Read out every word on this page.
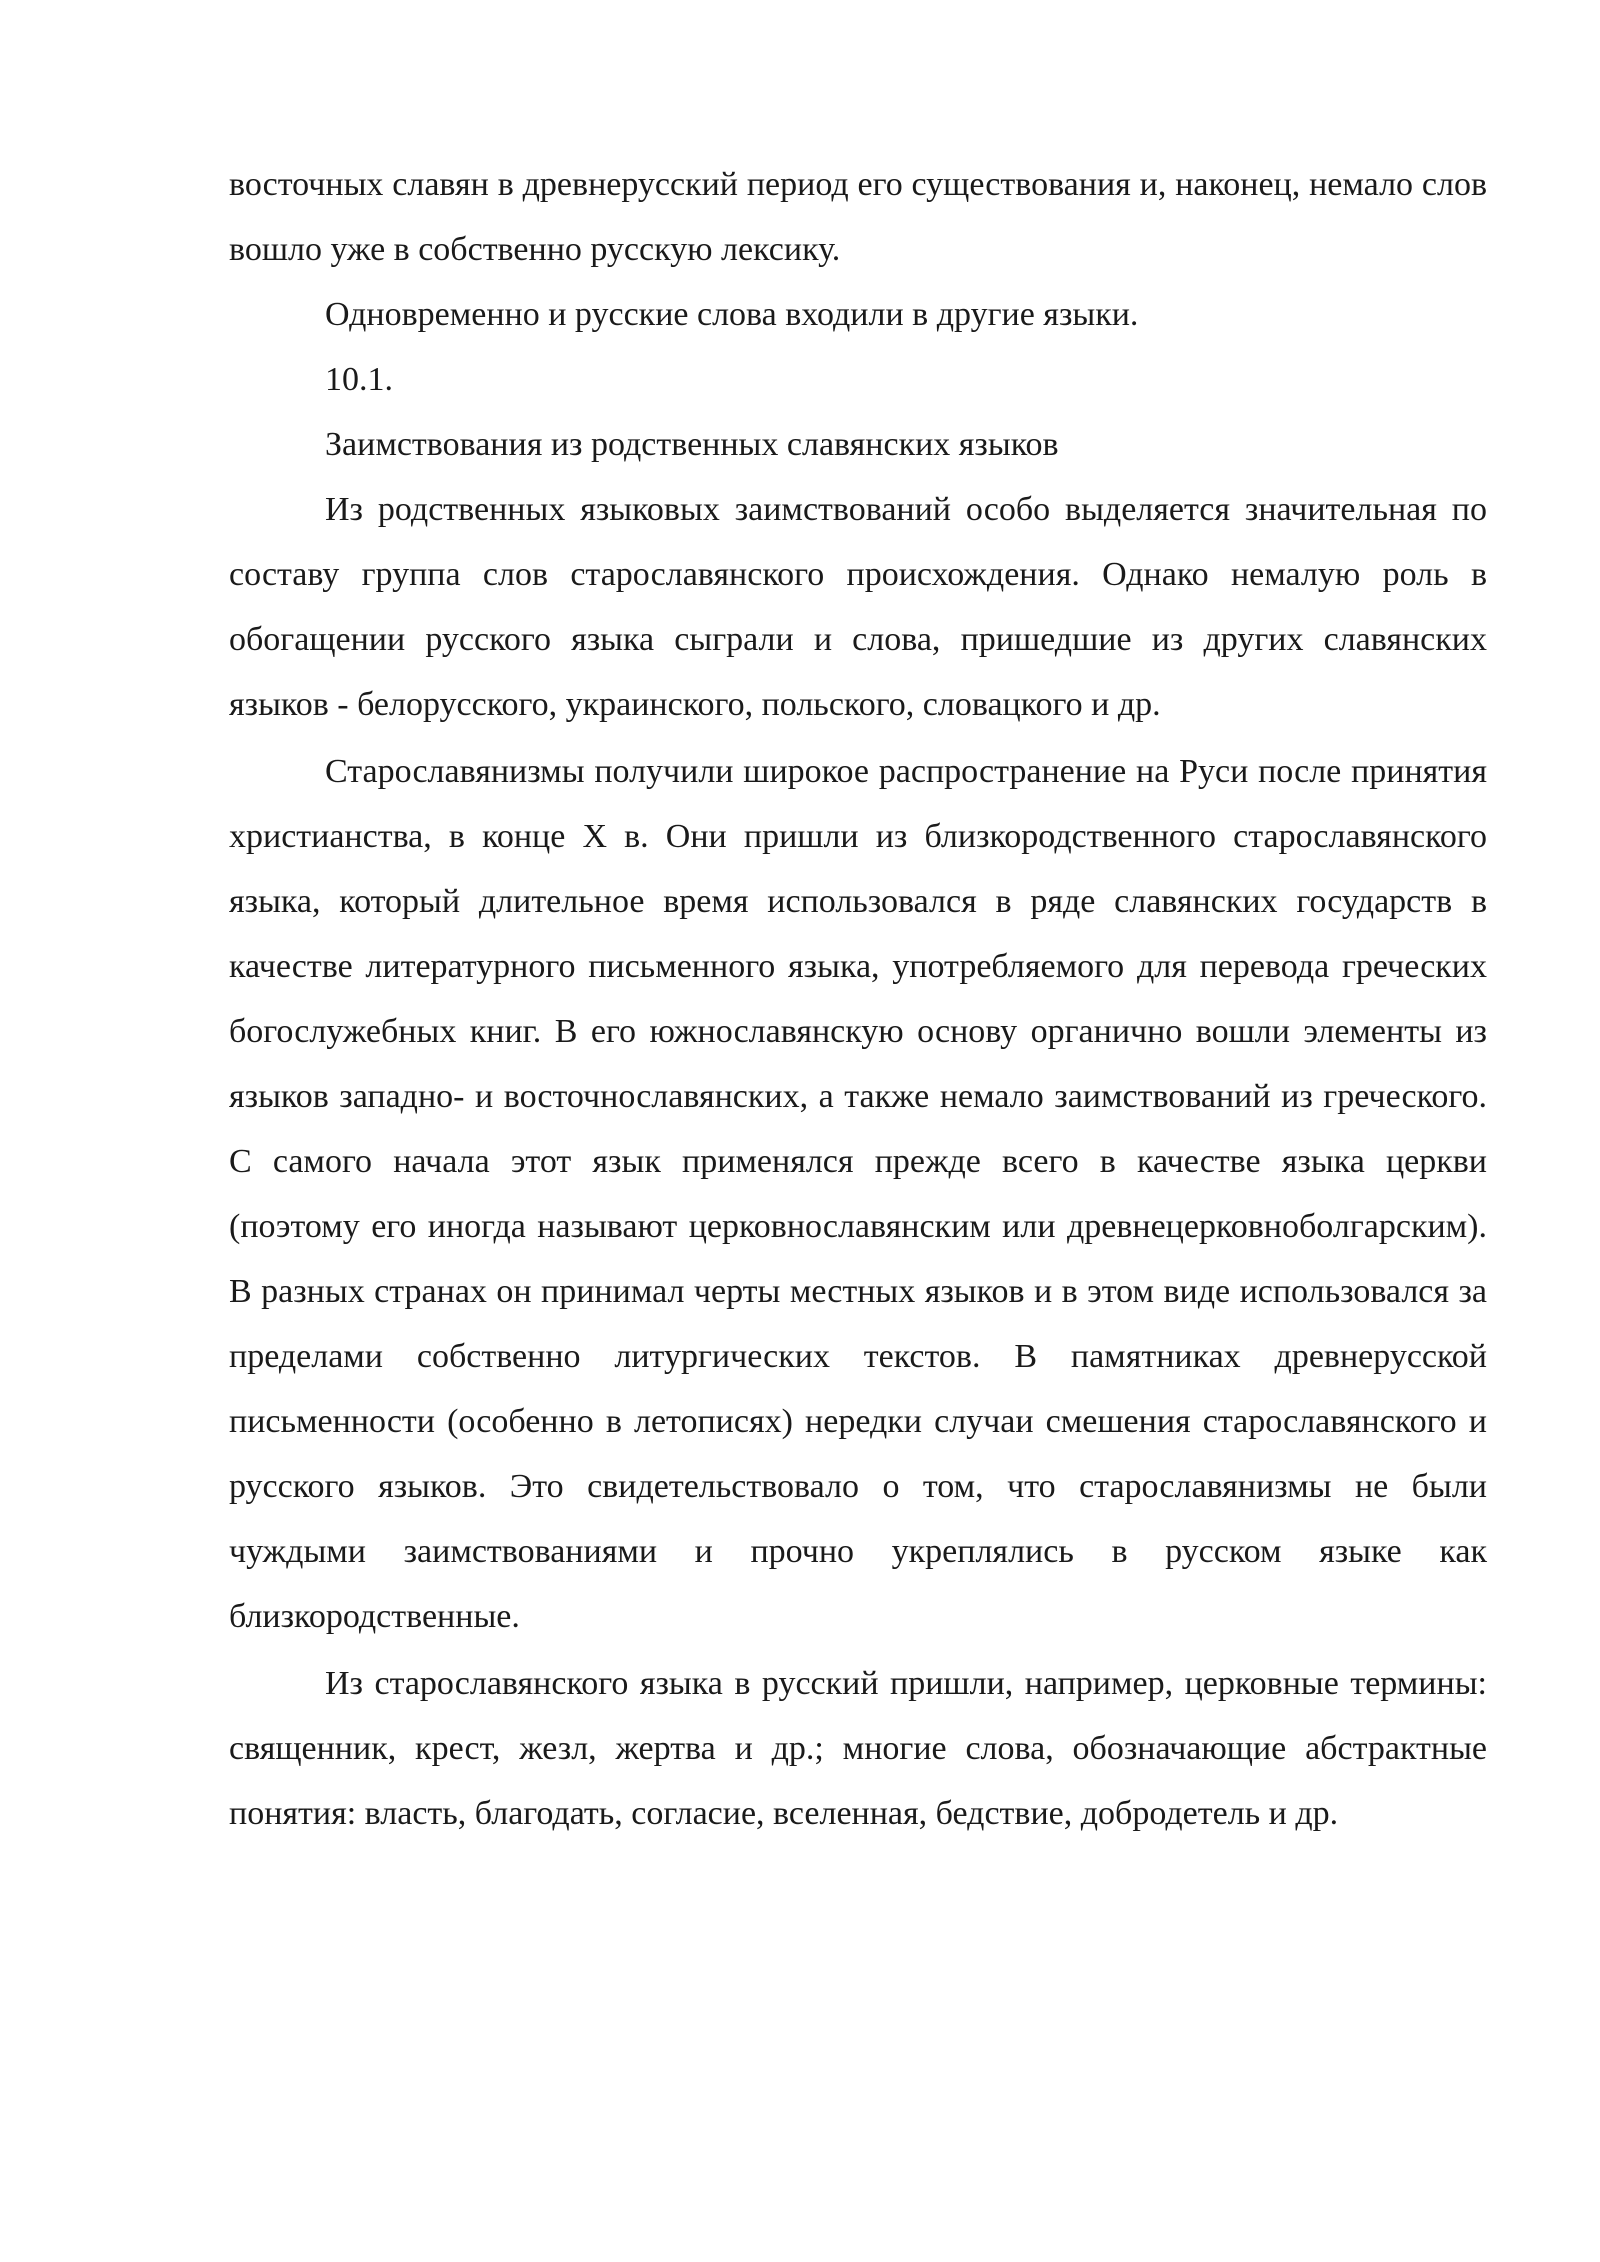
восточных славян в древнерусский период его существования и, наконец, немало слов вошло уже в собственно русскую лексику.

Одновременно и русские слова входили в другие языки.

10.1.

Заимствования из родственных славянских языков

Из родственных языковых заимствований особо выделяется значительная по составу группа слов старославянского происхождения. Однако немалую роль в обогащении русского языка сыграли и слова, пришедшие из других славянских языков - белорусского, украинского, польского, словацкого и др.

Старославянизмы получили широкое распространение на Руси после принятия христианства, в конце X в. Они пришли из близкородственного старославянского языка, который длительное время использовался в ряде славянских государств в качестве литературного письменного языка, употребляемого для перевода греческих богослужебных книг. В его южнославянскую основу органично вошли элементы из языков западно- и восточнославянских, а также немало заимствований из греческого. С самого начала этот язык применялся прежде всего в качестве языка церкви (поэтому его иногда называют церковнославянским или древнецерковноболгарским). В разных странах он принимал черты местных языков и в этом виде использовался за пределами собственно литургических текстов. В памятниках древнерусской письменности (особенно в летописях) нередки случаи смешения старославянского и русского языков. Это свидетельствовало о том, что старославянизмы не были чуждыми заимствованиями и прочно укреплялись в русском языке как близкородственные.

Из старославянского языка в русский пришли, например, церковные термины: священник, крест, жезл, жертва и др.; многие слова, обозначающие абстрактные понятия: власть, благодать, согласие, вселенная, бедствие, добродетель и др.
